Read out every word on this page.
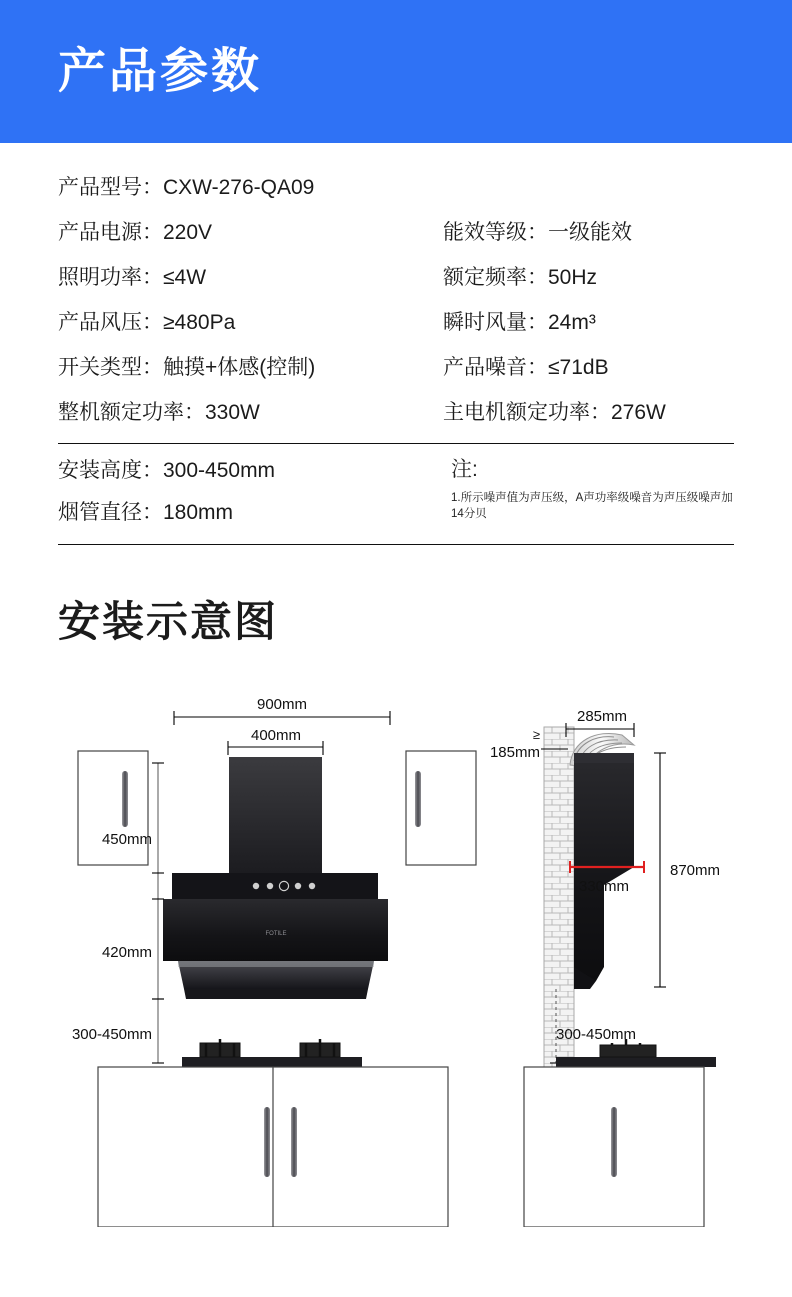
产品参数
产品型号：CXW-276-QA09
产品电源：220V	能效等级：一级能效
照明功率：≤4W	额定频率：50Hz
产品风压：≥480Pa	瞬时风量：24m³
开关类型：触摸+体感(控制)	产品噪音：≤71dB
整机额定功率：330W	主电机额定功率：276W
安装高度：300-450mm
烟管直径：180mm
注:
1.所示噪声值为声压级，A声功率级噪音为声压级噪声加14分贝
安装示意图
900mm
400mm
FOTILE
450mm
420mm
300-450mm
285mm
≥
185mm
330mm
870mm
300-450mm
